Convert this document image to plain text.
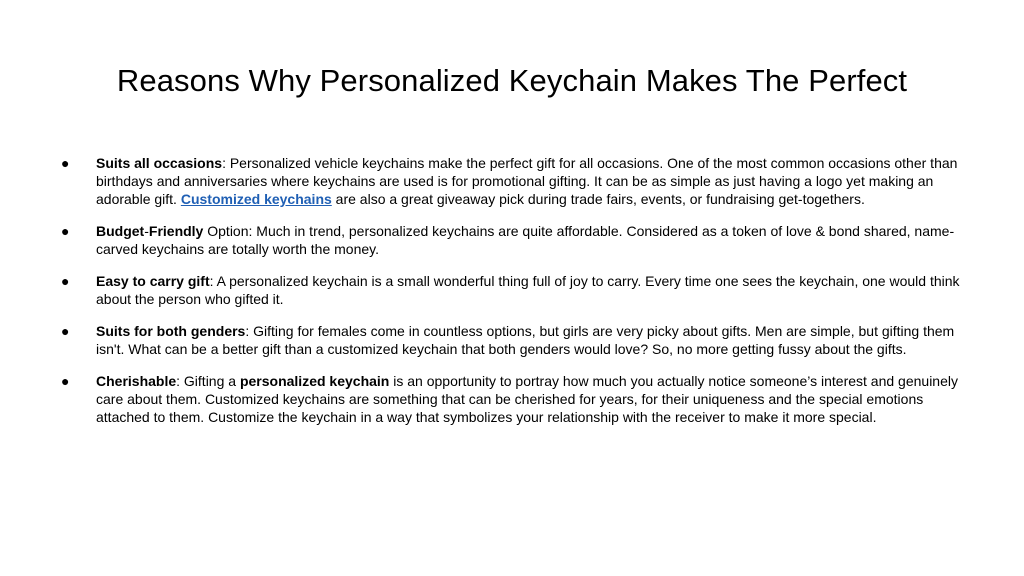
Reasons Why Personalized Keychain Makes The Perfect
● Suits all occasions: Personalized vehicle keychains make the perfect gift for all occasions. One of the most common occasions other than birthdays and anniversaries where keychains are used is for promotional gifting. It can be as simple as just having a logo yet making an adorable gift. Customized keychains are also a great giveaway pick during trade fairs, events, or fundraising get-togethers.
● Budget-Friendly Option: Much in trend, personalized keychains are quite affordable. Considered as a token of love & bond shared, name-carved keychains are totally worth the money.
● Easy to carry gift: A personalized keychain is a small wonderful thing full of joy to carry. Every time one sees the keychain, one would think about the person who gifted it.
● Suits for both genders: Gifting for females come in countless options, but girls are very picky about gifts. Men are simple, but gifting them isn't. What can be a better gift than a customized keychain that both genders would love? So, no more getting fussy about the gifts.
● Cherishable: Gifting a personalized keychain is an opportunity to portray how much you actually notice someone’s interest and genuinely care about them. Customized keychains are something that can be cherished for years, for their uniqueness and the special emotions attached to them. Customize the keychain in a way that symbolizes your relationship with the receiver to make it more special.
